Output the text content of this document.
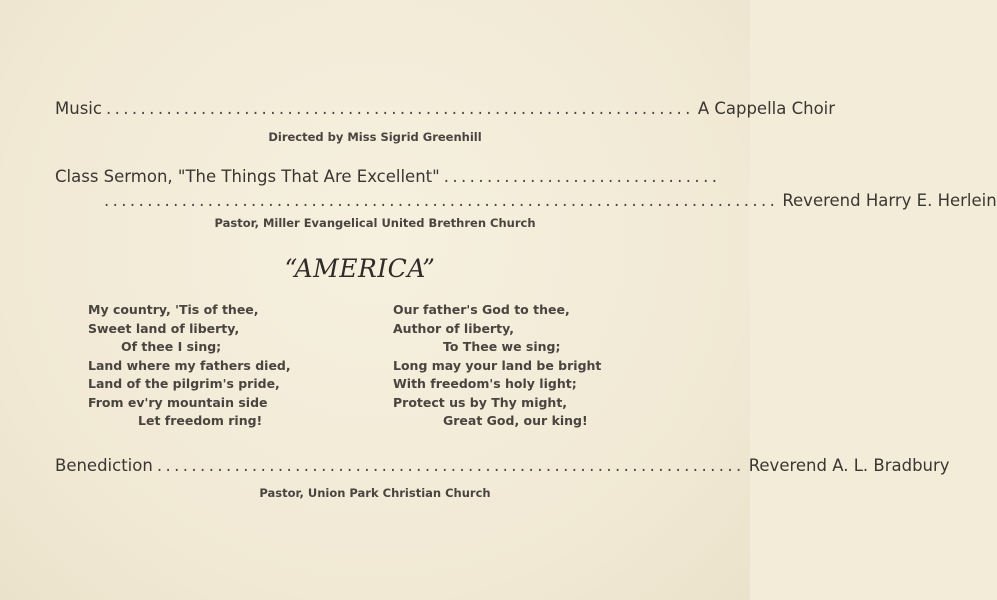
Music .................................................................... A Cappella Choir
Directed by Miss Sigrid Greenhill
Class Sermon, "The Things That Are Excellent" ................................
.............................................................................. Reverend Harry E. Herlein
Pastor, Miller Evangelical United Brethren Church
“AMERICA”
My country, 'Tis of thee,
Sweet land of liberty,
Of thee I sing;
Land where my fathers died,
Land of the pilgrim's pride,
From ev'ry mountain side
Let freedom ring!
Our father's God to thee,
Author of liberty,
To Thee we sing;
Long may your land be bright
With freedom's holy light;
Protect us by Thy might,
Great God, our king!
Benediction .................................................................... Reverend A. L. Bradbury
Pastor, Union Park Christian Church
